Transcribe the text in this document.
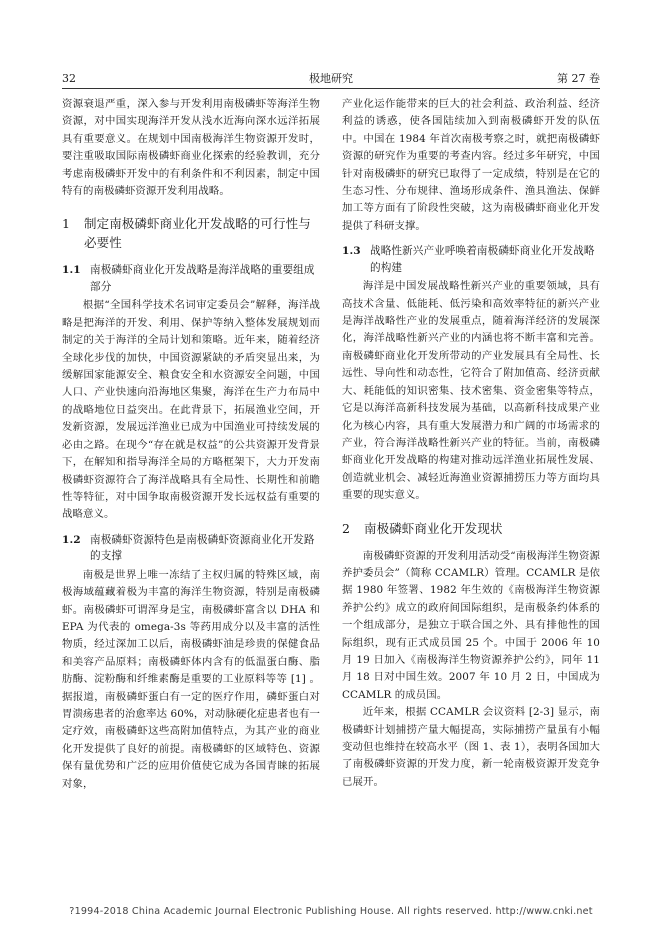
32	极地研究	第 27 卷

资源衰退严重，深入参与开发利用南极磷虾等海洋生物资源，对中国实现海洋开发从浅水近海向深水远洋拓展具有重要意义。在规划中国南极海洋生物资源开发时，要注重吸取国际南极磷虾商业化探索的经验教训，充分考虑南极磷虾开发中的有利条件和不利因素，制定中国特有的南极磷虾资源开发利用战略。

1	制定南极磷虾商业化开发战略的可行性与必要性
1.1 南极磷虾商业化开发战略是海洋战略的重要组成部分

根据“全国科学技术名词审定委员会”解释，海洋战略是把海洋的开发、利用、保护等纳入整体发展规划而制定的关于海洋的全局计划和策略。近年来，随着经济全球化步伐的加快，中国资源紧缺的矛盾突显出来，为缓解国家能源安全、粮食安全和水资源安全问题，中国人口、产业快速向沿海地区集聚，海洋在生产力布局中的战略地位日益突出。在此背景下，拓展渔业空间，开发新资源，发展远洋渔业已成为中国渔业可持续发展的必由之路。在现今“存在就是权益”的公共资源开发背景下，在解知和指导海洋全局的方略框架下，大力开发南极磷虾资源符合了海洋战略具有全局性、长期性和前瞻性等特征，对中国争取南极资源开发长远权益有重要的战略意义。

1.2 南极磷虾资源特色是南极磷虾资源商业化开发路的支撑

南极是世界上唯一冻结了主权归属的特殊区域，南极海域蕴藏着极为丰富的海洋生物资源，特别是南极磷虾。南极磷虾可谓浑身是宝，南极磷虾富含以 DHA 和 EPA 为代表的 omega-3s 等药用成分以及丰富的活性物质，经过深加工以后，南极磷虾油是珍贵的保健食品和美容产品原料；南极磷虾体内含有的低温蛋白酶、脂肪酶、淀粉酶和纤维素酶是重要的工业原料等等 [1] 。据报道，南极磷虾蛋白有一定的医疗作用，磷虾蛋白对胃溃疡患者的治愈率达 60%，对动脉硬化症患者也有一定疗效，南极磷虾这些高附加值特点，为其产业的商业化开发提供了良好的前提。南极磷虾的区域特色、资源保有量优势和广泛的应用价值使它成为各国青睐的拓展对象，

产业化运作能带来的巨大的社会利益、政治利益、经济利益的诱惑，使各国陆续加入到南极磷虾开发的队伍中。中国在 1984 年首次南极考察之时，就把南极磷虾资源的研究作为重要的考查内容。经过多年研究，中国针对南极磷虾的研究已取得了一定成绩，特别是在它的生态习性、分布规律、渔场形成条件、渔具渔法、保鲜加工等方面有了阶段性突破，这为南极磷虾商业化开发提供了科研支撑。

1.3 战略性新兴产业呼唤着南极磷虾商业化开发战略的构建

海洋是中国发展战略性新兴产业的重要领域，具有高技术含量、低能耗、低污染和高效率特征的新兴产业是海洋战略性产业的发展重点，随着海洋经济的发展深化，海洋战略性新兴产业的内涵也将不断丰富和完善。南极磷虾商业化开发所带动的产业发展具有全局性、长远性、导向性和动态性，它符合了附加值高、经济贡献大、耗能低的知识密集、技术密集、资金密集等特点，它是以海洋高新科技发展为基础，以高新科技成果产业化为核心内容，具有重大发展潜力和广阔的市场需求的产业，符合海洋战略性新兴产业的特征。当前，南极磷虾商业化开发战略的构建对推动远洋渔业拓展性发展、创造就业机会、减轻近海渔业资源捕捞压力等方面均具重要的现实意义。

2	南极磷虾商业化开发现状

南极磷虾资源的开发利用活动受“南极海洋生物资源养护委员会”（简称 CCAMLR）管理。CCAMLR 是依据 1980 年签署、1982 年生效的《南极海洋生物资源养护公约》成立的政府间国际组织，是南极条约体系的一个组成部分，是独立于联合国之外、具有排他性的国际组织，现有正式成员国 25 个。中国于 2006 年 10 月 19 日加入《南极海洋生物资源养护公约》，同年 11 月 18 日对中国生效。2007 年 10 月 2 日，中国成为 CCAMLR 的成员国。

近年来，根据 CCAMLR 会议资料 [2-3] 显示，南极磷虾计划捕捞产量大幅提高，实际捕捞产量虽有小幅变动但也维持在较高水平（图 1、表 1），表明各国加大了南极磷虾资源的开发力度，新一轮南极资源开发竞争已展开。

?1994-2018 China Academic Journal Electronic Publishing House. All rights reserved. http://www.cnki.net
